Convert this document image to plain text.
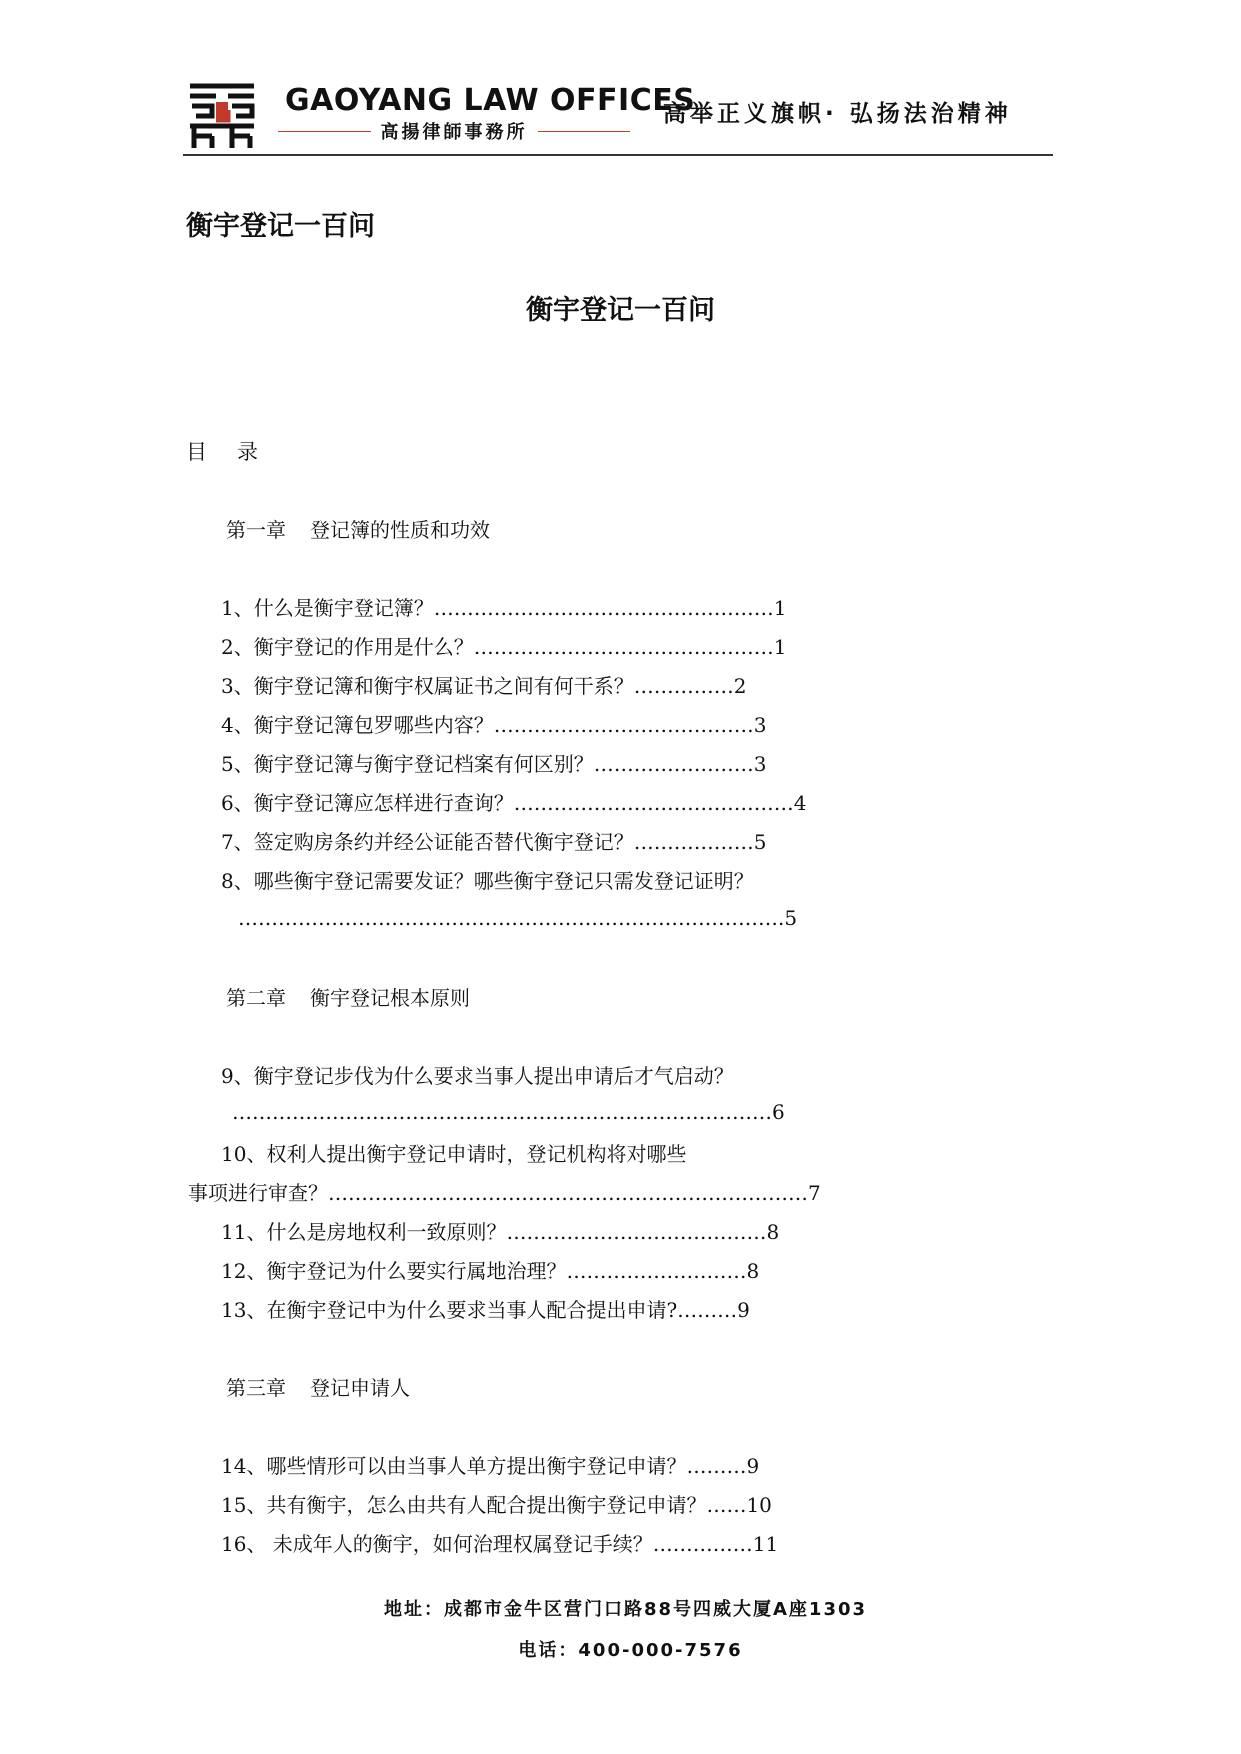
GAOYANG LAW OFFICES
高揚律師事務所
高举正义旗帜· 弘扬法治精神
衡宇登记一百问
衡宇登记一百问
目录
第一章 登记簿的性质和功效
1、什么是衡宇登记簿？……………………………………………1
2、衡宇登记的作用是什么？………………………………………1
3、衡宇登记簿和衡宇权属证书之间有何干系？……………2
4、衡宇登记簿包罗哪些内容？…………………………………3
5、衡宇登记簿与衡宇登记档案有何区别？……………………3
6、衡宇登记簿应怎样进行查询？……………………………………4
7、签定购房条约并经公证能否替代衡宇登记？………………5
8、哪些衡宇登记需要发证？哪些衡宇登记只需发登记证明？
……………………………………………………………………….5
第二章 衡宇登记根本原则
9、衡宇登记步伐为什么要求当事人提出申请后才气启动？
………………………………………………………………………6
10、权利人提出衡宇登记申请时，登记机构将对哪些
事项进行审查？………………………………………………………………7
11、什么是房地权利一致原则？…………………………………8
12、衡宇登记为什么要实行属地治理？………………………8
13、在衡宇登记中为什么要求当事人配合提出申请?………9
第三章 登记申请人
14、哪些情形可以由当事人单方提出衡宇登记申请？………9
15、共有衡宇，怎么由共有人配合提出衡宇登记申请？……10
16、 未成年人的衡宇，如何治理权属登记手续？……………11
地址：成都市金牛区营门口路88号四威大厦A座1303
电话：400-000-7576
